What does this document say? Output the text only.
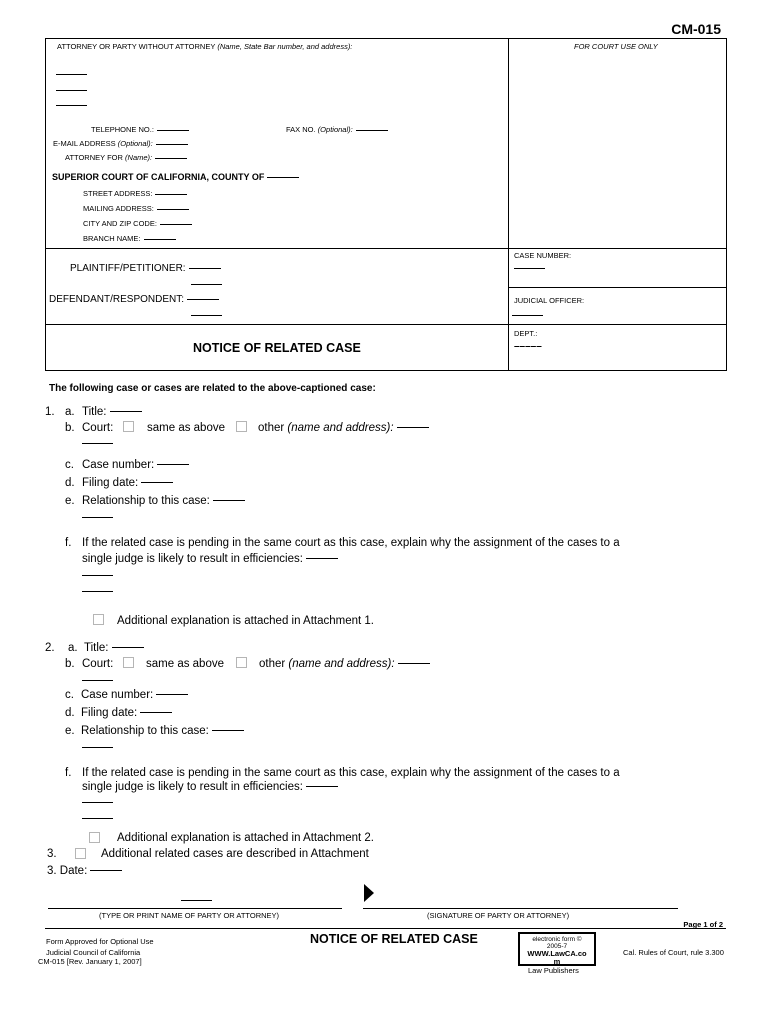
CM-015
ATTORNEY OR PARTY WITHOUT ATTORNEY (Name, State Bar number, and address):	FOR COURT USE ONLY
TELEPHONE NO.:	FAX NO. (Optional):
E-MAIL ADDRESS (Optional):
ATTORNEY FOR (Name):
SUPERIOR COURT OF CALIFORNIA, COUNTY OF
STREET ADDRESS:
MAILING ADDRESS:
CITY AND ZIP CODE:
BRANCH NAME:
PLAINTIFF/PETITIONER:
DEFENDANT/RESPONDENT:
CASE NUMBER:
JUDICIAL OFFICER:
DEPT.:
–––––
NOTICE OF RELATED CASE
The following case or cases are related to the above-captioned case:
1. a. Title:
b. Court:	same as above	other (name and address):
c. Case number:
d. Filing date:
e. Relationship to this case:
f. If the related case is pending in the same court as this case, explain why the assignment of the cases to a
single judge is likely to result in efficiencies:
Additional explanation is attached in Attachment 1.
2. a. Title:
b. Court:	same as above	other (name and address):
c. Case number:
d. Filing date:
e. Relationship to this case:
f. If the related case is pending in the same court as this case, explain why the assignment of the cases to a
single judge is likely to result in efficiencies:
Additional explanation is attached in Attachment 2.
3.	Additional related cases are described in Attachment
3. Date:
(TYPE OR PRINT NAME OF PARTY OR ATTORNEY)	(SIGNATURE OF PARTY OR ATTORNEY)
Page 1 of 2
Form Approved for Optional Use
Judicial Council of California
CM-015 [Rev. January 1, 2007]
NOTICE OF RELATED CASE	electronic form ©
2005-7
WWW.LawCA.co
m
Law Publishers
Cal. Rules of Court, rule 3.300
